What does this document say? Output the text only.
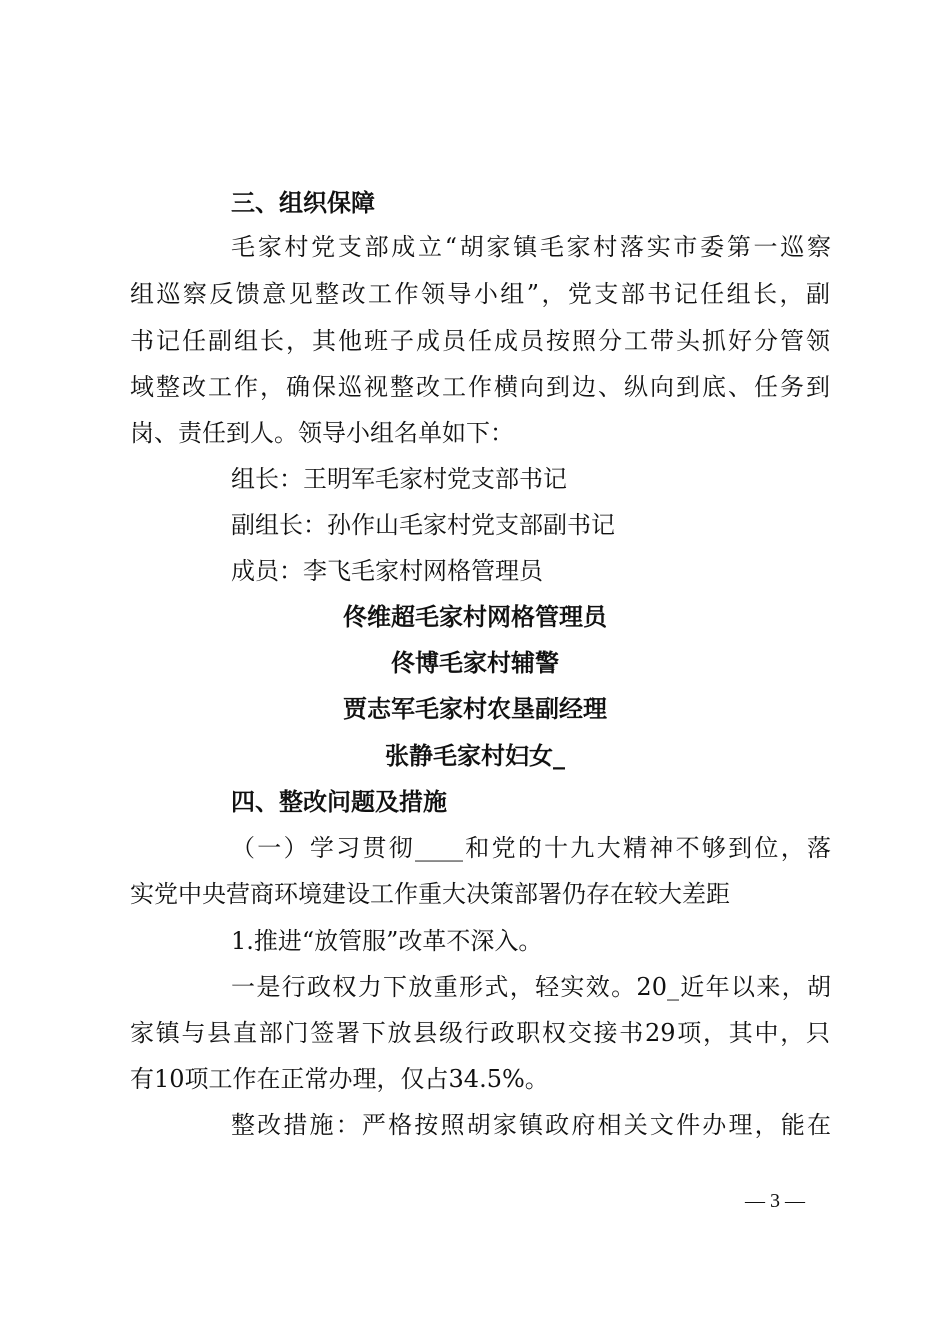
三、组织保障
毛家村党支部成立“胡家镇毛家村落实市委第一巡察
组巡察反馈意见整改工作领导小组”，党支部书记任组长，副
书记任副组长，其他班子成员任成员按照分工带头抓好分管领
域整改工作，确保巡视整改工作横向到边、纵向到底、任务到
岗、责任到人。领导小组名单如下：
组长：王明军毛家村党支部书记
副组长：孙作山毛家村党支部副书记
成员：李飞毛家村网格管理员
佟维超毛家村网格管理员
佟博毛家村辅警
贾志军毛家村农垦副经理
张静毛家村妇女_
四、整改问题及措施
（一）学习贯彻____和党的十九大精神不够到位，落
实党中央营商环境建设工作重大决策部署仍存在较大差距
1.推进“放管服”改革不深入。
一是行政权力下放重形式，轻实效。20_近年以来，胡
家镇与县直部门签署下放县级行政职权交接书29项，其中，只
有10项工作在正常办理，仅占34.5%。
整改措施：严格按照胡家镇政府相关文件办理，能在
— 3 —
